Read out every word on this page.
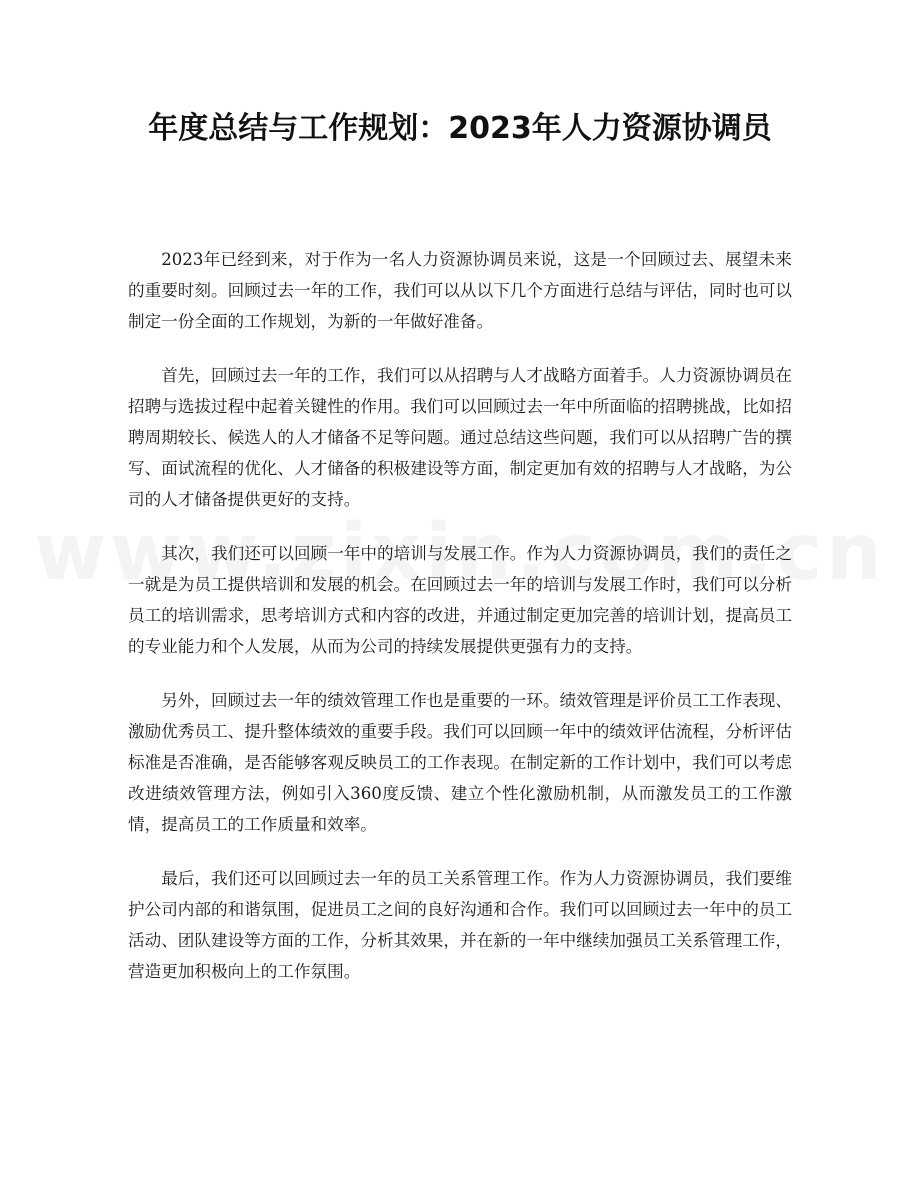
年度总结与工作规划：2023年人力资源协调员

2023年已经到来，对于作为一名人力资源协调员来说，这是一个回顾过去、展望未来的重要时刻。回顾过去一年的工作，我们可以从以下几个方面进行总结与评估，同时也可以制定一份全面的工作规划，为新的一年做好准备。

首先，回顾过去一年的工作，我们可以从招聘与人才战略方面着手。人力资源协调员在招聘与选拔过程中起着关键性的作用。我们可以回顾过去一年中所面临的招聘挑战，比如招聘周期较长、候选人的人才储备不足等问题。通过总结这些问题，我们可以从招聘广告的撰写、面试流程的优化、人才储备的积极建设等方面，制定更加有效的招聘与人才战略，为公司的人才储备提供更好的支持。

其次，我们还可以回顾一年中的培训与发展工作。作为人力资源协调员，我们的责任之一就是为员工提供培训和发展的机会。在回顾过去一年的培训与发展工作时，我们可以分析员工的培训需求，思考培训方式和内容的改进，并通过制定更加完善的培训计划，提高员工的专业能力和个人发展，从而为公司的持续发展提供更强有力的支持。

另外，回顾过去一年的绩效管理工作也是重要的一环。绩效管理是评价员工工作表现、激励优秀员工、提升整体绩效的重要手段。我们可以回顾一年中的绩效评估流程，分析评估标准是否准确，是否能够客观反映员工的工作表现。在制定新的工作计划中，我们可以考虑改进绩效管理方法，例如引入360度反馈、建立个性化激励机制，从而激发员工的工作激情，提高员工的工作质量和效率。

最后，我们还可以回顾过去一年的员工关系管理工作。作为人力资源协调员，我们要维护公司内部的和谐氛围，促进员工之间的良好沟通和合作。我们可以回顾过去一年中的员工活动、团队建设等方面的工作，分析其效果，并在新的一年中继续加强员工关系管理工作，营造更加积极向上的工作氛围。
